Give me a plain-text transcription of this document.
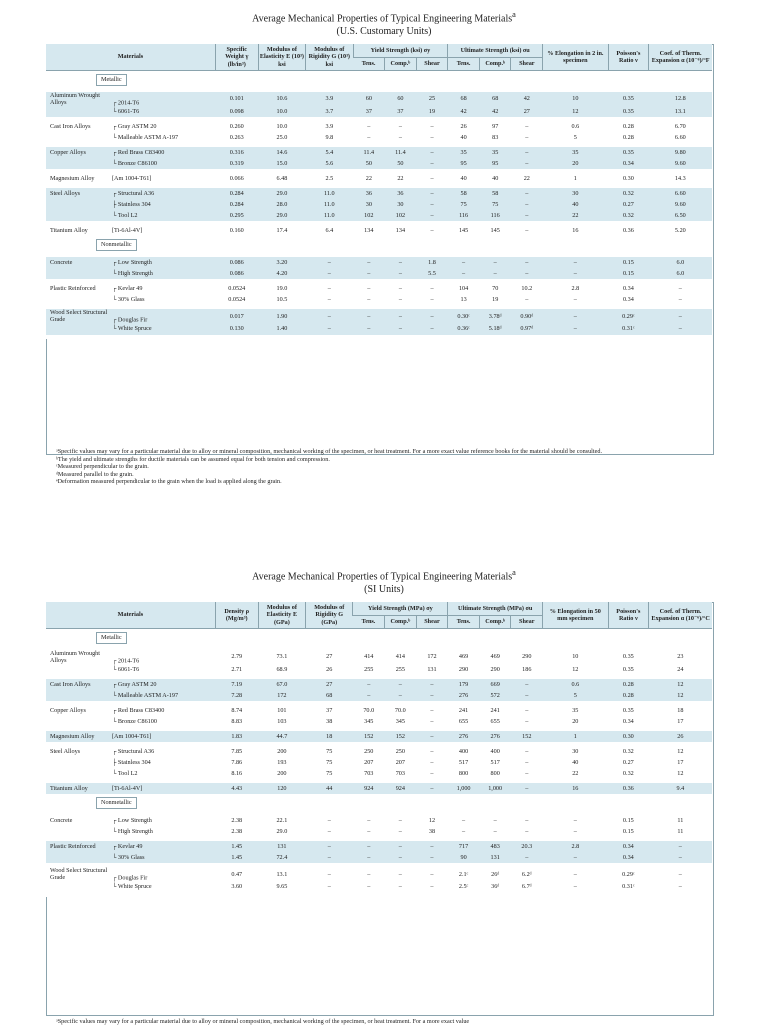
Average Mechanical Properties of Typical Engineering Materials$^a$
(U.S. Customary Units)
Materials	Specific Weight γ (lb/in³)	Modulus of Elasticity E (10³) ksi	Modulus of Rigidity G (10³) ksi	Yield Strength (ksi) σy			Ultimate Strength (ksi) σu			% Elongation in 2 in. specimen	Poisson's Ratio ν	Coef. of Therm. Expansion α (10⁻⁶)/°F
				Tens.	Comp.ᵇ	Shear	Tens.	Comp.ᵇ	Shear			
Metallic												

Aluminum Wrought Alloys ┌ 2014-T6	0.101	10.6	3.9	60	60	25	68	68	42	10	0.35	12.8
└ 6061-T6	0.098	10.0	3.7	37	37	19	42	42	27	12	0.35	13.1

Cast Iron Alloys ┌ Gray ASTM 20	0.260	10.0	3.9	–	–	–	26	97	–	0.6	0.28	6.70
└ Malleable ASTM A-197	0.263	25.0	9.8	–	–	–	40	83	–	5	0.28	6.60

Copper Alloys ┌ Red Brass C83400	0.316	14.6	5.4	11.4	11.4	–	35	35	–	35	0.35	9.80
└ Bronze C86100	0.319	15.0	5.6	50	50	–	95	95	–	20	0.34	9.60

Magnesium Alloy [Am 1004-T61]	0.066	6.48	2.5	22	22	–	40	40	22	1	0.30	14.3

Steel Alloys ┌ Structural A36	0.284	29.0	11.0	36	36	–	58	58	–	30	0.32	6.60
├ Stainless 304	0.284	28.0	11.0	30	30	–	75	75	–	40	0.27	9.60
└ Tool L2	0.295	29.0	11.0	102	102	–	116	116	–	22	0.32	6.50

Titanium Alloy [Ti-6Al-4V]	0.160	17.4	6.4	134	134	–	145	145	–	16	0.36	5.20
Nonmetallic												

Concrete ┌ Low Strength	0.086	3.20	–	–	–	1.8	–	–	–	–	0.15	6.0
└ High Strength	0.086	4.20	–	–	–	5.5	–	–	–	–	0.15	6.0

Plastic Reinforced ┌ Kevlar 49	0.0524	19.0	–	–	–	–	104	70	10.2	2.8	0.34	–
└ 30% Glass	0.0524	10.5	–	–	–	–	13	19	–	–	0.34	–

Wood Select Structural Grade ┌ Douglas Fir	0.017	1.90	–	–	–	–	0.30ᶜ	3.78ᵈ	0.90ᵈ	–	0.29ᶜ	–
└ White Spruce	0.130	1.40	–	–	–	–	0.36ᶜ	5.18ᵈ	0.97ᵈ	–	0.31ᶜ	–

ᵃSpecific values may vary for a particular material due to alloy or mineral composition, mechanical working of the specimen, or heat treatment. For a more exact value reference books for the material should be consulted.
ᵇThe yield and ultimate strengths for ductile materials can be assumed equal for both tension and compression.
ᶜMeasured perpendicular to the grain.
ᵈMeasured parallel to the grain.
ᵉDeformation measured perpendicular to the grain when the load is applied along the grain.
Average Mechanical Properties of Typical Engineering Materials$^a$
(SI Units)
Materials	Density ρ (Mg/m³)	Modulus of Elasticity E (GPa)	Modulus of Rigidity G (GPa)	Yield Strength (MPa) σy			Ultimate Strength (MPa) σu			% Elongation in 50 mm specimen	Poisson's Ratio ν	Coef. of Therm. Expansion α (10⁻⁶)/°C
				Tens.	Comp.ᵇ	Shear	Tens.	Comp.ᵇ	Shear			
Metallic												

Aluminum Wrought Alloys ┌ 2014-T6	2.79	73.1	27	414	414	172	469	469	290	10	0.35	23
└ 6061-T6	2.71	68.9	26	255	255	131	290	290	186	12	0.35	24

Cast Iron Alloys ┌ Gray ASTM 20	7.19	67.0	27	–	–	–	179	669	–	0.6	0.28	12
└ Malleable ASTM A-197	7.28	172	68	–	–	–	276	572	–	5	0.28	12

Copper Alloys ┌ Red Brass C83400	8.74	101	37	70.0	70.0	–	241	241	–	35	0.35	18
└ Bronze C86100	8.83	103	38	345	345	–	655	655	–	20	0.34	17

Magnesium Alloy [Am 1004-T61]	1.83	44.7	18	152	152	–	276	276	152	1	0.30	26

Steel Alloys ┌ Structural A36	7.85	200	75	250	250	–	400	400	–	30	0.32	12
├ Stainless 304	7.86	193	75	207	207	–	517	517	–	40	0.27	17
└ Tool L2	8.16	200	75	703	703	–	800	800	–	22	0.32	12

Titanium Alloy [Ti-6Al-4V]	4.43	120	44	924	924	–	1,000	1,000	–	16	0.36	9.4
Nonmetallic												

Concrete ┌ Low Strength	2.38	22.1	–	–	–	12	–	–	–	–	0.15	11
└ High Strength	2.38	29.0	–	–	–	38	–	–	–	–	0.15	11

Plastic Reinforced ┌ Kevlar 49	1.45	131	–	–	–	–	717	483	20.3	2.8	0.34	–
└ 30% Glass	1.45	72.4	–	–	–	–	90	131	–	–	0.34	–

Wood Select Structural Grade ┌ Douglas Fir	0.47	13.1	–	–	–	–	2.1ᶜ	26ᵈ	6.2ᵈ	–	0.29ᶜ	–
└ White Spruce	3.60	9.65	–	–	–	–	2.5ᶜ	36ᵈ	6.7ᵈ	–	0.31ᶜ	–

ᵃSpecific values may vary for a particular material due to alloy or mineral composition, mechanical working of the specimen, or heat treatment. For a more exact value
